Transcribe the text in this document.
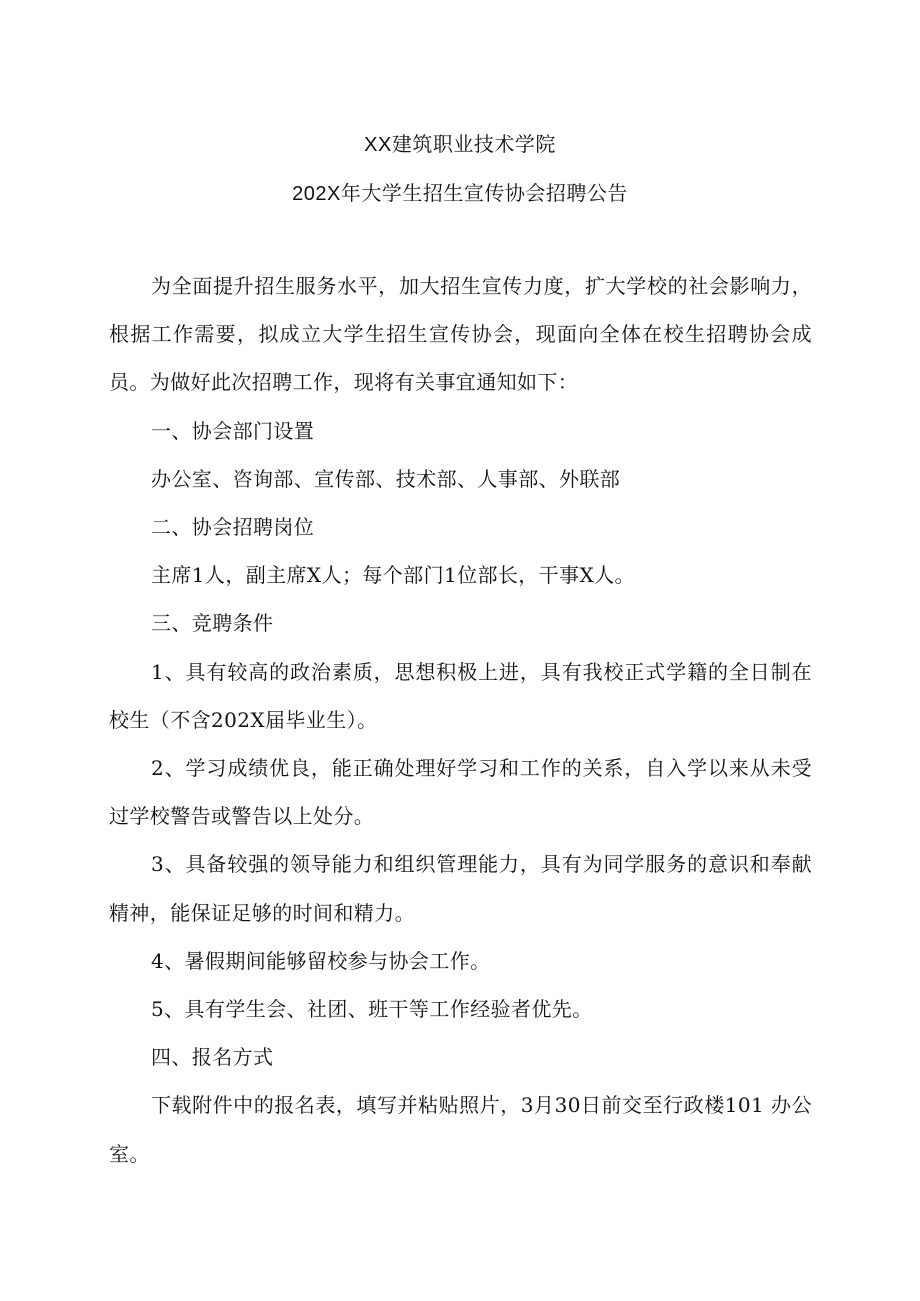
XX建筑职业技术学院
202X年大学生招生宣传协会招聘公告

为全面提升招生服务水平，加大招生宣传力度，扩大学校的社会影响力，根据工作需要，拟成立大学生招生宣传协会，现面向全体在校生招聘协会成员。为做好此次招聘工作，现将有关事宜通知如下：

一、协会部门设置

办公室、咨询部、宣传部、技术部、人事部、外联部

二、协会招聘岗位

主席1人，副主席X人；每个部门1位部长，干事X人。

三、竞聘条件

1、具有较高的政治素质，思想积极上进，具有我校正式学籍的全日制在校生（不含202X届毕业生）。

2、学习成绩优良，能正确处理好学习和工作的关系，自入学以来从未受过学校警告或警告以上处分。

3、具备较强的领导能力和组织管理能力，具有为同学服务的意识和奉献精神，能保证足够的时间和精力。

4、暑假期间能够留校参与协会工作。

5、具有学生会、社团、班干等工作经验者优先。

四、报名方式

下载附件中的报名表，填写并粘贴照片，3月30日前交至行政楼101 办公室。
